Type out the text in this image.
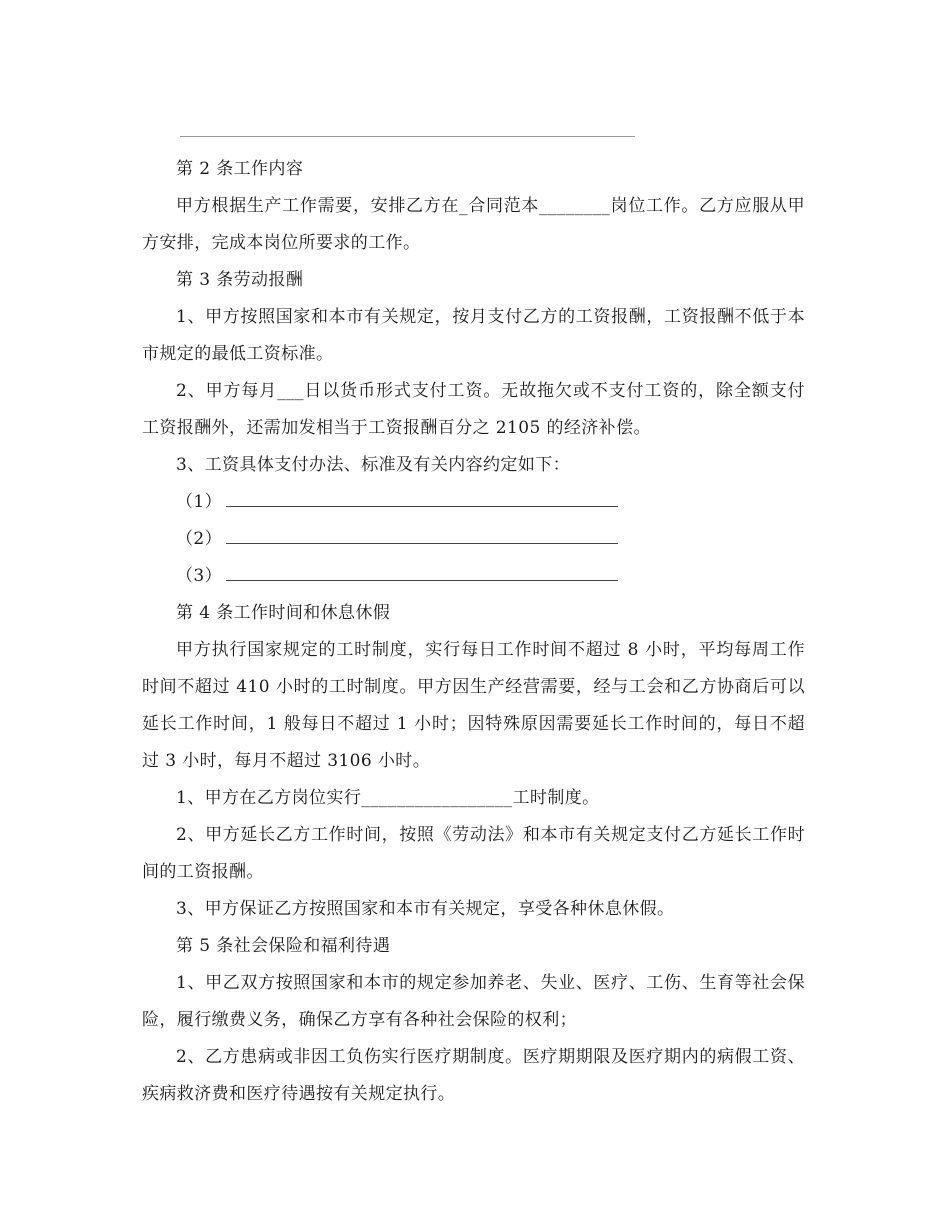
第 2 条工作内容

甲方根据生产工作需要，安排乙方在_合同范本________岗位工作。乙方应服从甲方安排，完成本岗位所要求的工作。

第 3 条劳动报酬

1、甲方按照国家和本市有关规定，按月支付乙方的工资报酬，工资报酬不低于本市规定的最低工资标准。

2、甲方每月___日以货币形式支付工资。无故拖欠或不支付工资的，除全额支付工资报酬外，还需加发相当于工资报酬百分之 2105 的经济补偿。

3、工资具体支付办法、标准及有关内容约定如下：

（1）

（2）

（3）

第 4 条工作时间和休息休假

甲方执行国家规定的工时制度，实行每日工作时间不超过 8 小时，平均每周工作时间不超过 410 小时的工时制度。甲方因生产经营需要，经与工会和乙方协商后可以延长工作时间，1 般每日不超过 1 小时；因特殊原因需要延长工作时间的，每日不超过 3 小时，每月不超过 3106 小时。

1、甲方在乙方岗位实行_________________工时制度。

2、甲方延长乙方工作时间，按照《劳动法》和本市有关规定支付乙方延长工作时间的工资报酬。

3、甲方保证乙方按照国家和本市有关规定，享受各种休息休假。

第 5 条社会保险和福利待遇

1、甲乙双方按照国家和本市的规定参加养老、失业、医疗、工伤、生育等社会保险，履行缴费义务，确保乙方享有各种社会保险的权利；

2、乙方患病或非因工负伤实行医疗期制度。医疗期期限及医疗期内的病假工资、疾病救济费和医疗待遇按有关规定执行。
